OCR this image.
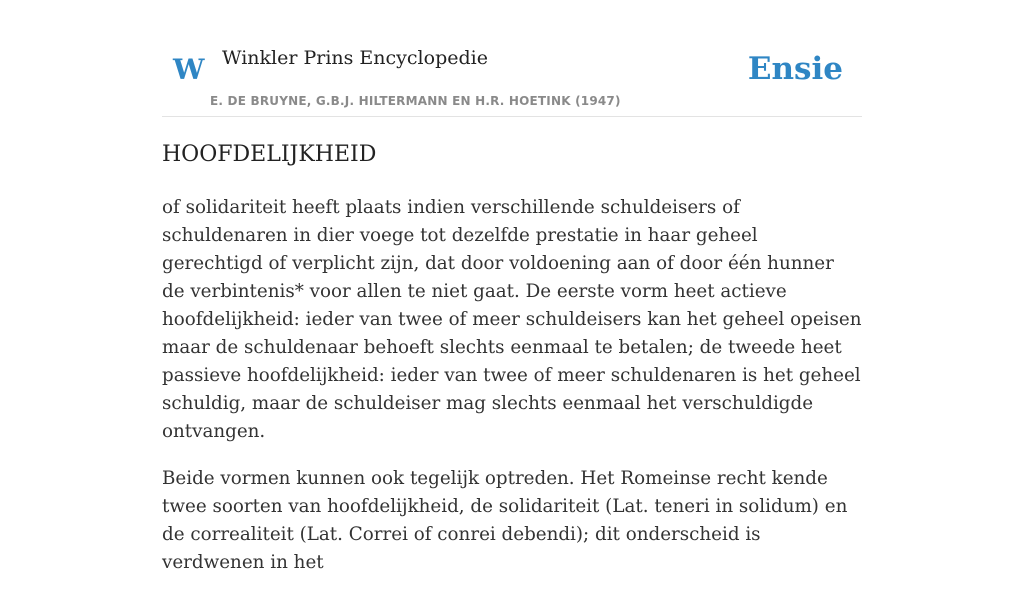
W Winkler Prins Encyclopedie
E. DE BRUYNE, G.B.J. HILTERMANN EN H.R. HOETINK (1947)
Ensie
HOOFDELIJKHEID

of solidariteit heeft plaats indien verschillende schuldeisers of schuldenaren in dier voege tot dezelfde prestatie in haar geheel gerechtigd of verplicht zijn, dat door voldoening aan of door één hunner de verbintenis* voor allen te niet gaat. De eerste vorm heet actieve hoofdelijkheid: ieder van twee of meer schuldeisers kan het geheel opeisen maar de schuldenaar behoeft slechts eenmaal te betalen; de tweede heet passieve hoofdelijkheid: ieder van twee of meer schuldenaren is het geheel schuldig, maar de schuldeiser mag slechts eenmaal het verschuldigde ontvangen.

Beide vormen kunnen ook tegelijk optreden. Het Romeinse recht kende twee soorten van hoofdelijkheid, de solidariteit (Lat. teneri in solidum) en de correaliteit (Lat. Correi of conrei debendi); dit onderscheid is verdwenen in het
